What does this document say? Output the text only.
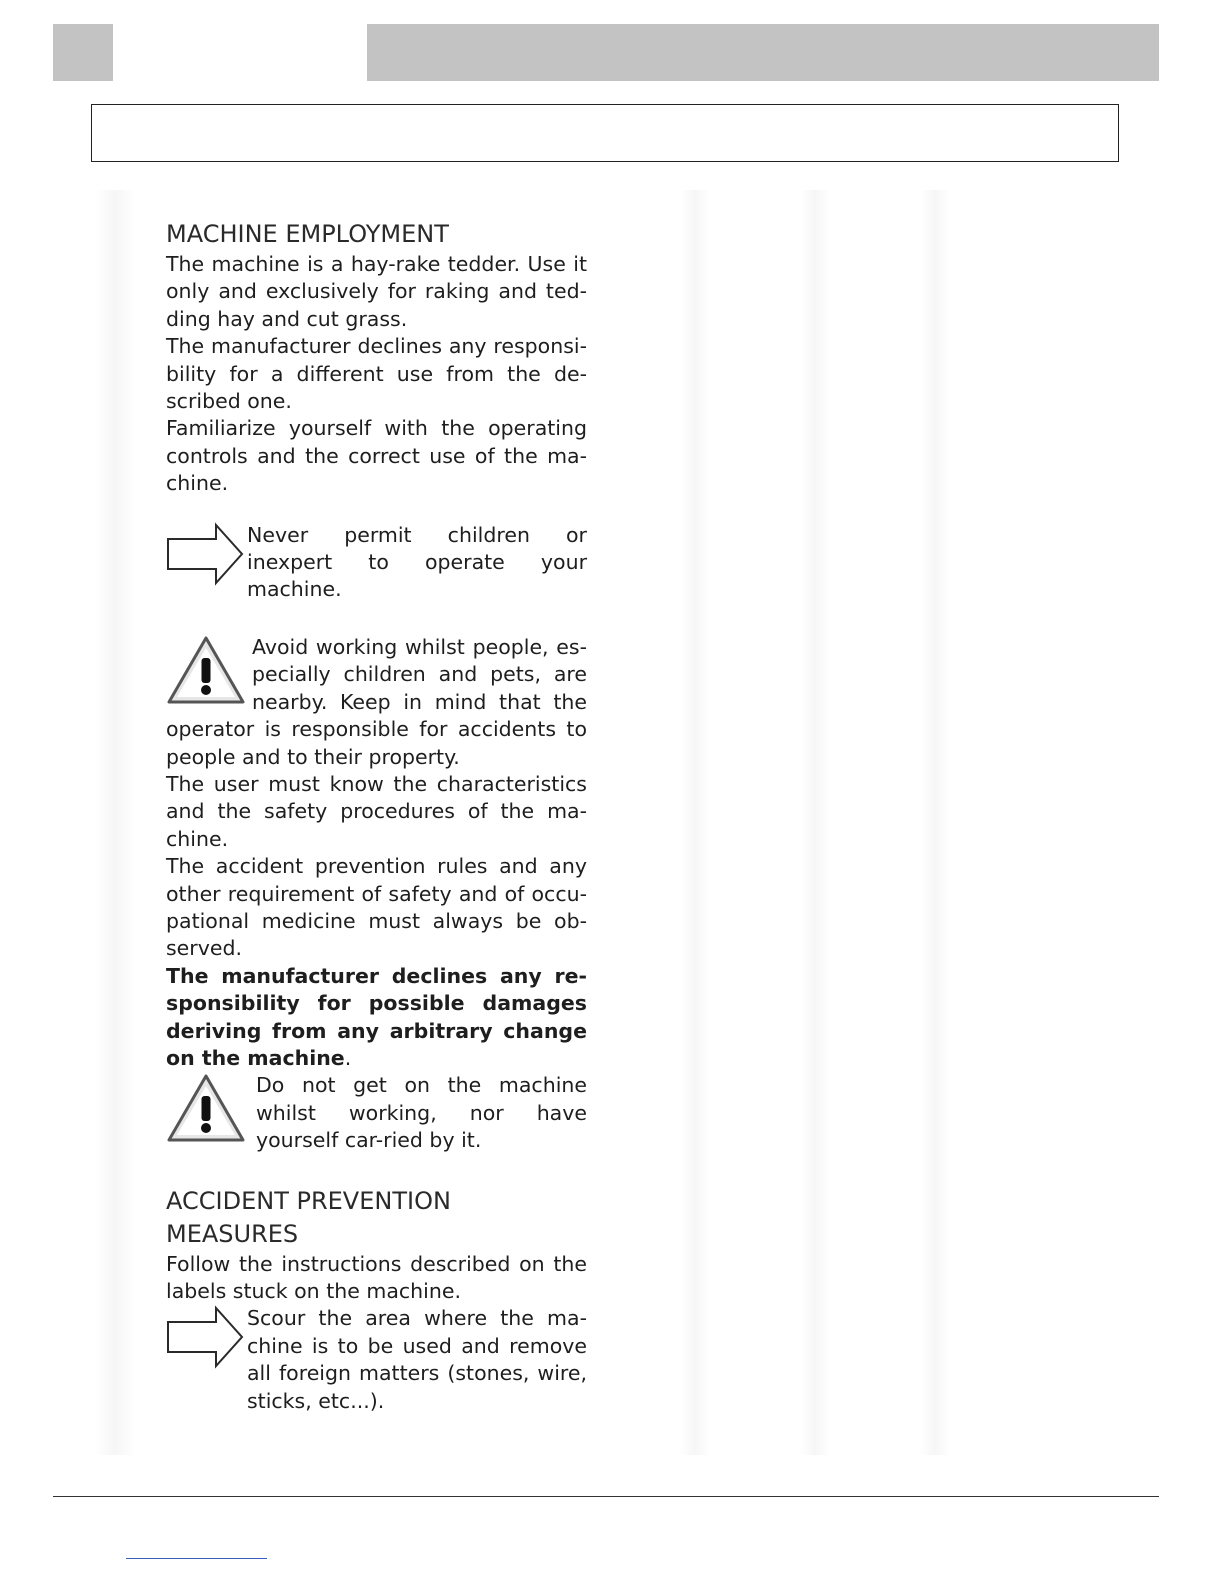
MACHINE EMPLOYMENT

The machine is a hay-rake tedder. Use it only and exclusively for raking and ted-ding hay and cut grass.

The manufacturer declines any responsi-bility for a different use from the de-scribed one.

Familiarize yourself with the operating controls and the correct use of the ma-chine.

Never permit children or inexpert to operate your machine.

Avoid working whilst people, es-pecially children and pets, are nearby. Keep in mind that the operator is responsible for accidents to people and to their property.

The user must know the characteristics and the safety procedures of the ma-chine.

The accident prevention rules and any other requirement of safety and of occu-pational medicine must always be ob-served.

The manufacturer declines any re-sponsibility for possible damages deriving from any arbitrary change on the machine.

Do not get on the machine whilst working, nor have yourself car-ried by it.

ACCIDENT PREVENTION
MEASURES

Follow the instructions described on the labels stuck on the machine.

Scour the area where the ma-chine is to be used and remove all foreign matters (stones, wire, sticks, etc...).
